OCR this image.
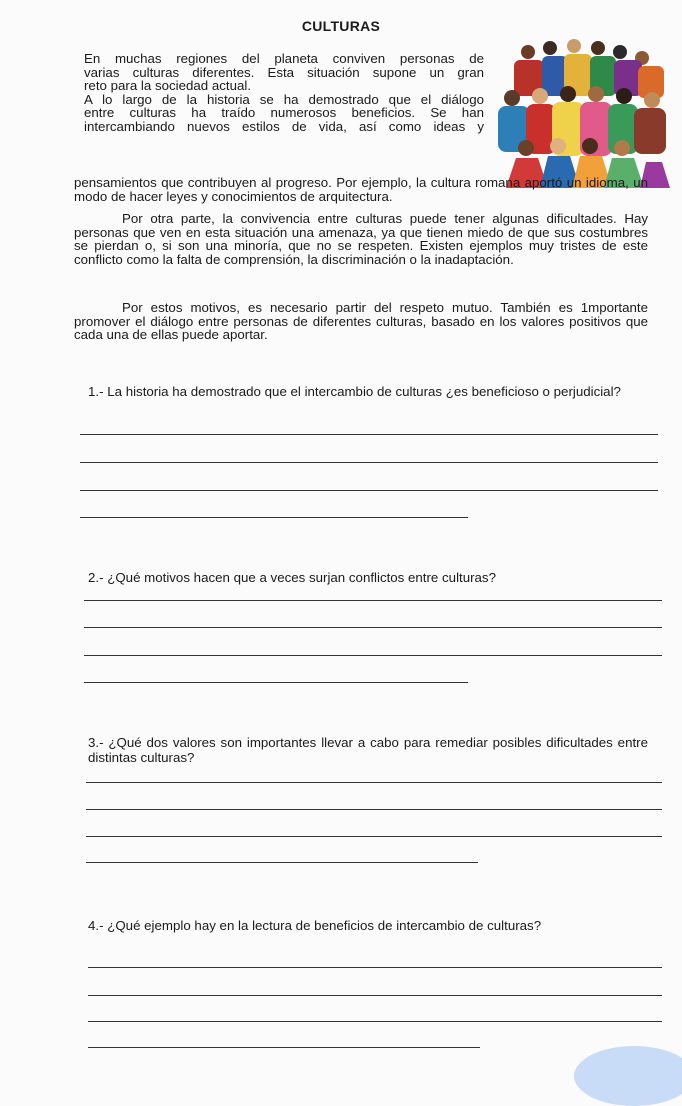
CULTURAS
En muchas regiones del planeta conviven personas de
varias culturas diferentes. Esta situación supone un gran
reto para la sociedad actual.
A lo largo de la historia se ha demostrado que el diálogo
entre culturas ha traído numerosos beneficios. Se han
intercambiando nuevos estilos de vida, así como ideas y
pensamientos que contribuyen al progreso. Por ejemplo, la cultura romana aportó un idioma, un modo de hacer leyes y conocimientos de arquitectura.
Por otra parte, la convivencia entre culturas puede tener algunas dificultades. Hay personas que ven en esta situación una amenaza, ya que tienen miedo de que sus costumbres se pierdan o, si son una minoría, que no se respeten. Existen ejemplos muy tristes de este conflicto como la falta de comprensión, la discriminación o la inadaptación.
Por estos motivos, es necesario partir del respeto mutuo. También es 1mportante promover el diálogo entre personas de diferentes culturas, basado en los valores positivos que cada una de ellas puede aportar.
1.- La historia ha demostrado que el intercambio de culturas ¿es beneficioso o perjudicial?
2.- ¿Qué motivos hacen que a veces surjan conflictos entre culturas?
3.- ¿Qué dos valores son importantes llevar a cabo para remediar posibles dificultades entre distintas culturas?
4.- ¿Qué ejemplo hay en la lectura de beneficios de intercambio de culturas?
